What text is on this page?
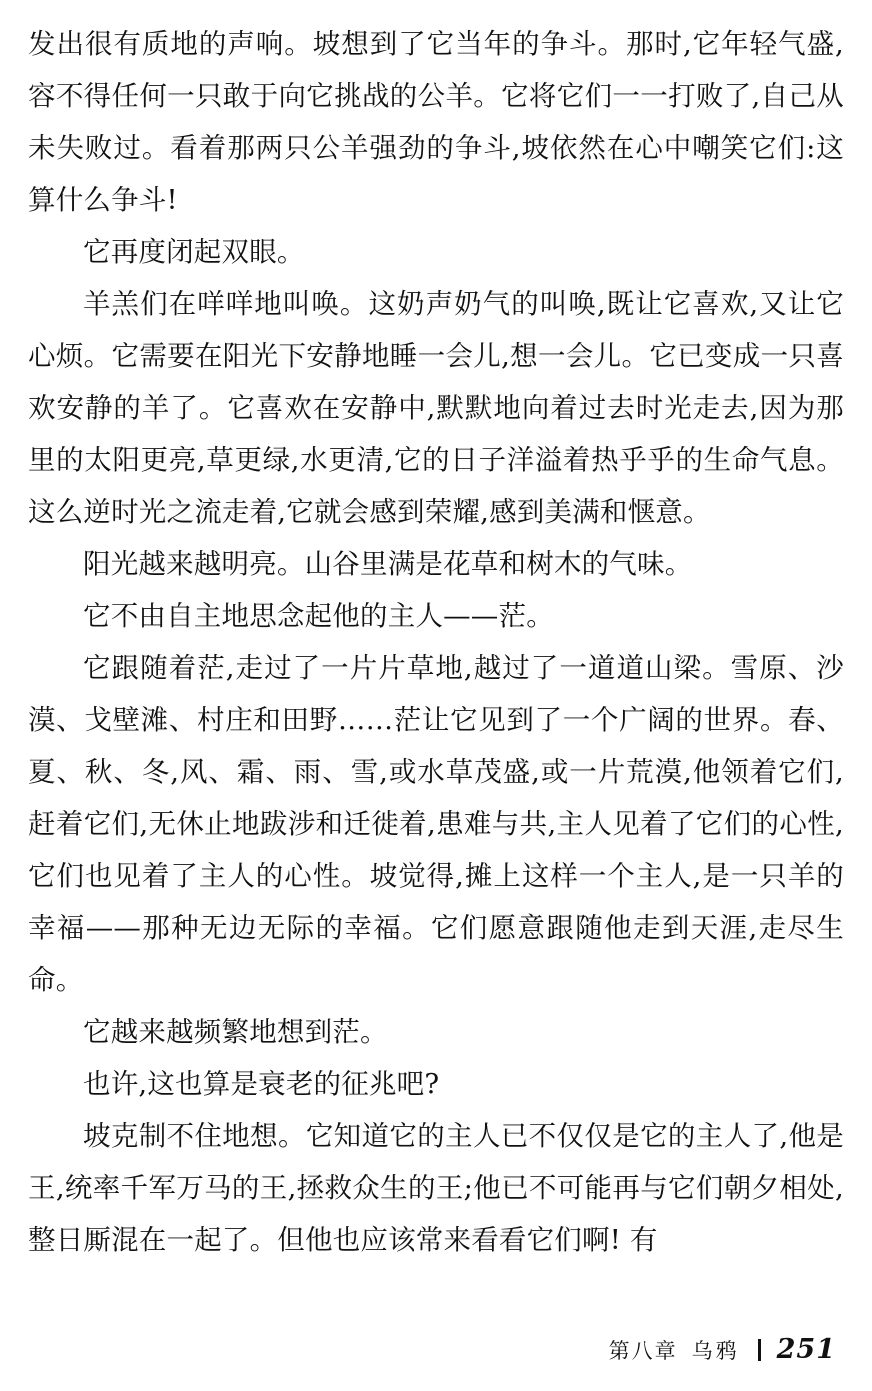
发出很有质地的声响。坡想到了它当年的争斗。那时,它年轻气盛,容不得任何一只敢于向它挑战的公羊。它将它们一一打败了,自己从未失败过。看着那两只公羊强劲的争斗,坡依然在心中嘲笑它们:这算什么争斗!

它再度闭起双眼。

羊羔们在咩咩地叫唤。这奶声奶气的叫唤,既让它喜欢,又让它心烦。它需要在阳光下安静地睡一会儿,想一会儿。它已变成一只喜欢安静的羊了。它喜欢在安静中,默默地向着过去时光走去,因为那里的太阳更亮,草更绿,水更清,它的日子洋溢着热乎乎的生命气息。这么逆时光之流走着,它就会感到荣耀,感到美满和惬意。

阳光越来越明亮。山谷里满是花草和树木的气味。

它不由自主地思念起他的主人——茫。

它跟随着茫,走过了一片片草地,越过了一道道山梁。雪原、沙漠、戈壁滩、村庄和田野……茫让它见到了一个广阔的世界。春、夏、秋、冬,风、霜、雨、雪,或水草茂盛,或一片荒漠,他领着它们,赶着它们,无休止地跋涉和迁徙着,患难与共,主人见着了它们的心性,它们也见着了主人的心性。坡觉得,摊上这样一个主人,是一只羊的幸福——那种无边无际的幸福。它们愿意跟随他走到天涯,走尽生命。

它越来越频繁地想到茫。

也许,这也算是衰老的征兆吧?

坡克制不住地想。它知道它的主人已不仅仅是它的主人了,他是王,统率千军万马的王,拯救众生的王;他已不可能再与它们朝夕相处,整日厮混在一起了。但他也应该常来看看它们啊! 有

第八章 乌鸦 251
